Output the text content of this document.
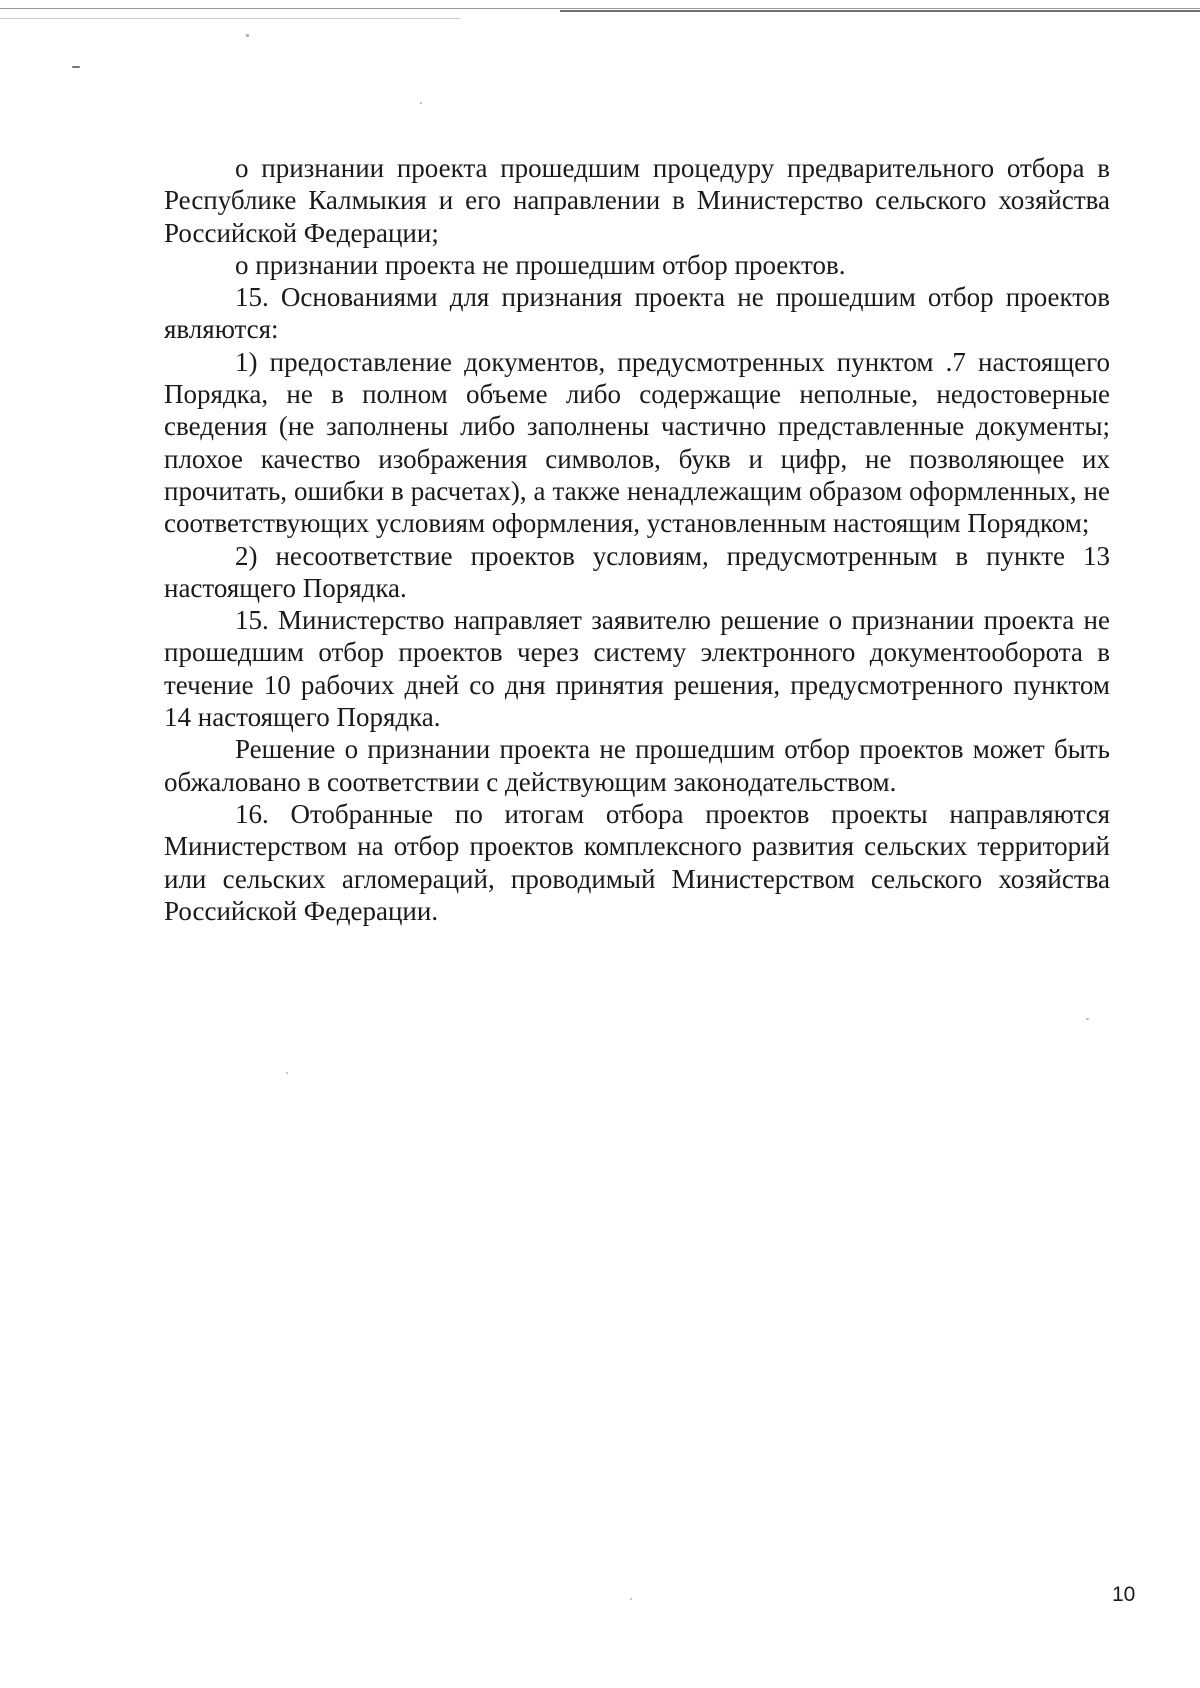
о признании проекта прошедшим процедуру предварительного отбора в Республике Калмыкия и его направлении в Министерство сельского хозяйства Российской Федерации;

о признании проекта не прошедшим отбор проектов.

15. Основаниями для признания проекта не прошедшим отбор проектов являются:

1) предоставление документов, предусмотренных пунктом .7 настоящего Порядка, не в полном объеме либо содержащие неполные, недостоверные сведения (не заполнены либо заполнены частично представленные документы; плохое качество изображения символов, букв и цифр, не позволяющее их прочитать, ошибки в расчетах), а также ненадлежащим образом оформленных, не соответствующих условиям оформления, установленным настоящим Порядком;

2) несоответствие проектов условиям, предусмотренным в пункте 13 настоящего Порядка.

15. Министерство направляет заявителю решение о признании проекта не прошедшим отбор проектов через систему электронного документооборота в течение 10 рабочих дней со дня принятия решения, предусмотренного пунктом 14 настоящего Порядка.

Решение о признании проекта не прошедшим отбор проектов может быть обжаловано в соответствии с действующим законодательством.

16. Отобранные по итогам отбора проектов проекты направляются Министерством на отбор проектов комплексного развития сельских территорий или сельских агломераций, проводимый Министерством сельского хозяйства Российской Федерации.

10
